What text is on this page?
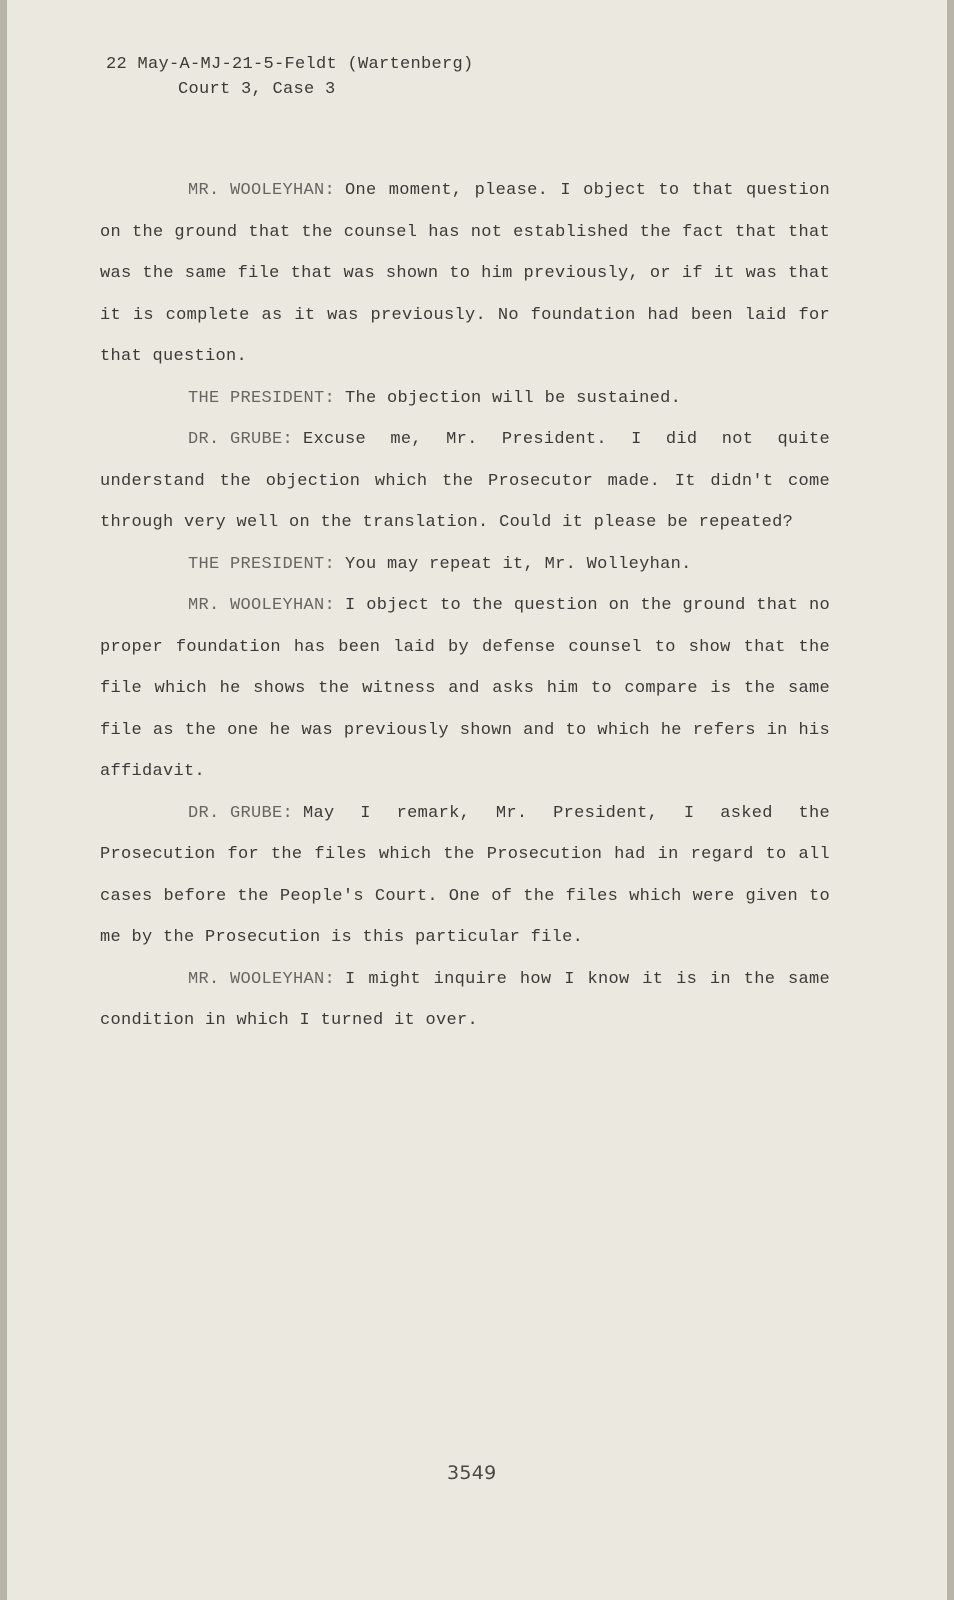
22 May-A-MJ-21-5-Feldt (Wartenberg)
Court 3, Case 3

MR. WOOLEYHAN: One moment, please. I object to that question on the ground that the counsel has not established the fact that that was the same file that was shown to him previously, or if it was that it is complete as it was previously. No foundation had been laid for that question.

THE PRESIDENT: The objection will be sustained.

DR. GRUBE: Excuse me, Mr. President. I did not quite understand the objection which the Prosecutor made. It didn't come through very well on the translation. Could it please be repeated?

THE PRESIDENT: You may repeat it, Mr. Wolleyhan.

MR. WOOLEYHAN: I object to the question on the ground that no proper foundation has been laid by defense counsel to show that the file which he shows the witness and asks him to compare is the same file as the one he was previously shown and to which he refers in his affidavit.

DR. GRUBE: May I remark, Mr. President, I asked the Prosecution for the files which the Prosecution had in regard to all cases before the People's Court. One of the files which were given to me by the Prosecution is this particular file.

MR. WOOLEYHAN: I might inquire how I know it is in the same condition in which I turned it over.

3549
